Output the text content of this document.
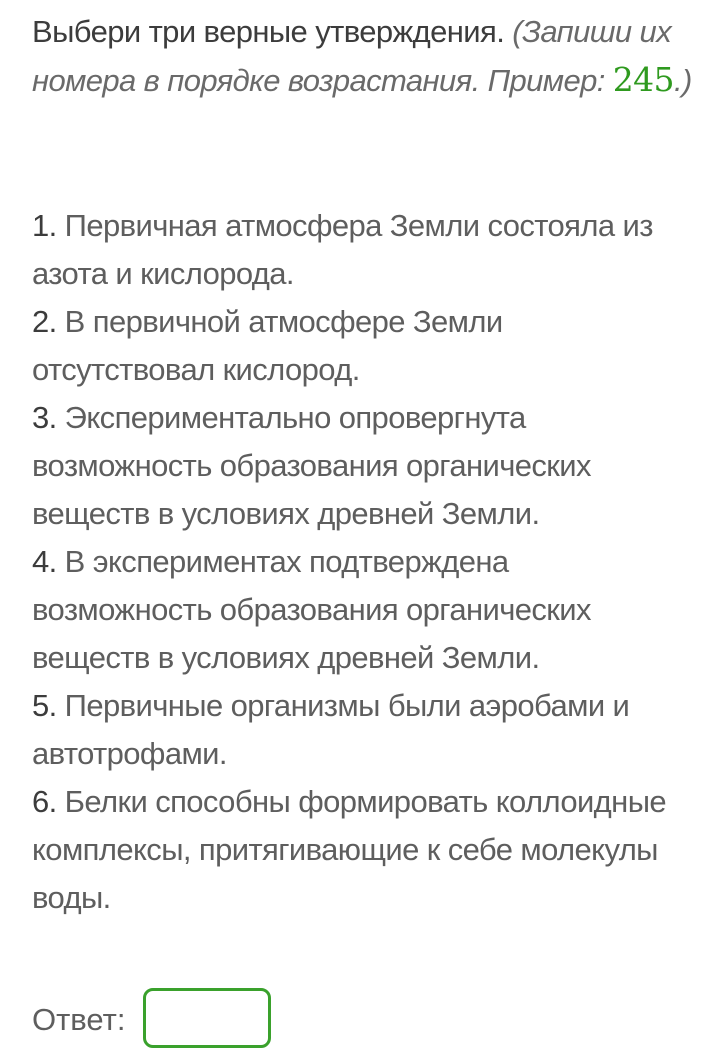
Выбери три верные утверждения. (Запиши их номера в порядке возрастания. Пример: 245.)
1. Первичная атмосфера Земли состояла из азота и кислорода.
2. В первичной атмосфере Земли отсутствовал кислород.
3. Экспериментально опровергнута возможность образования органических веществ в условиях древней Земли.
4. В экспериментах подтверждена возможность образования органических веществ в условиях древней Земли.
5. Первичные организмы были аэробами и автотрофами.
6. Белки способны формировать коллоидные комплексы, притягивающие к себе молекулы воды.
Ответ:
